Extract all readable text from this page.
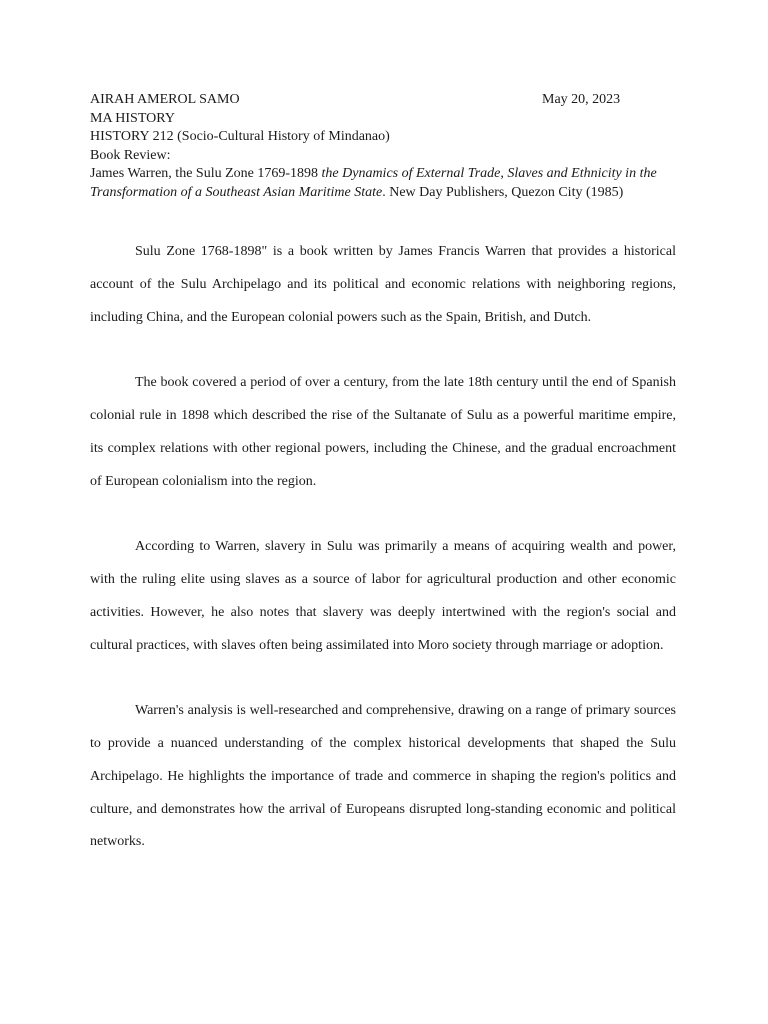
AIRAH AMEROL SAMO
MA HISTORY
HISTORY 212 (Socio-Cultural History of Mindanao)
Book Review:
James Warren, the Sulu Zone 1769-1898 the Dynamics of External Trade, Slaves and Ethnicity in the Transformation of a Southeast Asian Maritime State. New Day Publishers, Quezon City (1985)
May 20, 2023

Sulu Zone 1768-1898" is a book written by James Francis Warren that provides a historical account of the Sulu Archipelago and its political and economic relations with neighboring regions, including China, and the European colonial powers such as the Spain, British, and Dutch.

The book covered a period of over a century, from the late 18th century until the end of Spanish colonial rule in 1898 which described the rise of the Sultanate of Sulu as a powerful maritime empire, its complex relations with other regional powers, including the Chinese, and the gradual encroachment of European colonialism into the region.

According to Warren, slavery in Sulu was primarily a means of acquiring wealth and power, with the ruling elite using slaves as a source of labor for agricultural production and other economic activities. However, he also notes that slavery was deeply intertwined with the region's social and cultural practices, with slaves often being assimilated into Moro society through marriage or adoption.

Warren's analysis is well-researched and comprehensive, drawing on a range of primary sources to provide a nuanced understanding of the complex historical developments that shaped the Sulu Archipelago. He highlights the importance of trade and commerce in shaping the region's politics and culture, and demonstrates how the arrival of Europeans disrupted long-standing economic and political networks.
